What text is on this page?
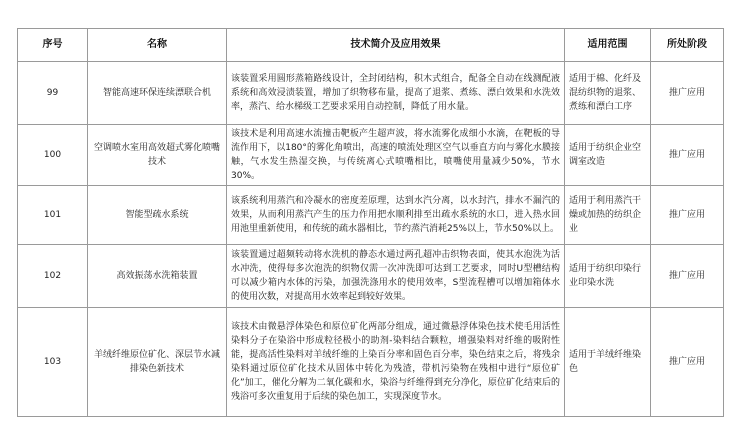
序号	名称	技术简介及应用效果	适用范围	所处阶段
99	智能高速环保连续漂联合机	该装置采用圆形蒸箱路线设计，全封闭结构，积木式组合，配备全自动在线测配液系统和高效浸渍装置，增加了织物移布量，提高了退浆、煮练、漂白效果和水洗效率，蒸汽、给水梯级工艺要求采用自动控制，降低了用水量。	适用于棉、化纤及混纺织物的退浆、煮练和漂白工序	推广应用
100	空调喷水室用高效超式雾化喷嘴技术	该技术是利用高速水流撞击靶板产生超声波，将水流雾化成细小水滴，在靶板的导流作用下，以180°的雾化角喷出，高速的喷流处理区空气以垂直方向与雾化水膜接触，气水发生热湿交换，与传统离心式喷嘴相比，喷嘴使用量减少50%，节水30%。	适用于纺织企业空调室改造	推广应用
101	智能型疏水系统	该系统利用蒸汽和冷凝水的密度差原理，达到水汽分离，以水封汽，排水不漏汽的效果，从而利用蒸汽产生的压力作用把水顺利排至出疏水系统的水口，进入热水回用池里重新使用，和传统的疏水器相比，节约蒸汽消耗25%以上，节水50%以上。	适用于利用蒸汽干燥或加热的纺织企业	推广应用
102	高效振荡水洗箱装置	该装置通过超频转动将水洗机的静态水通过两孔超冲击织物表面，使其水泡洗为活水冲洗，使得每多次泡洗的织物仅需一次冲洗即可达到工艺要求，同时U型槽结构可以减少箱内水体的污染，加强洗涤用水的使用效率，S型流程槽可以增加箱体水的使用次数，对提高用水效率起到较好效果。	适用于纺织印染行业印染水洗	推广应用
103	羊绒纤维原位矿化、深层节水减排染色新技术	该技术由微悬浮体染色和原位矿化两部分组成，通过微悬浮体染色技术使毛用活性染料分子在染浴中形成粒径极小的助剂-染料结合颗粒，增强染料对纤维的吸附性能，提高活性染料对羊绒纤维的上染百分率和固色百分率，染色结束之后，将残余染料通过原位矿化技术从固体中转化为残渣，带机污染物在残相中进行“原位矿化”加工，催化分解为二氧化碳和水，染浴与纤维得到充分净化，原位矿化结束后的残浴可多次重复用于后续的染色加工，实现深度节水。	适用于羊绒纤维染色	推广应用
